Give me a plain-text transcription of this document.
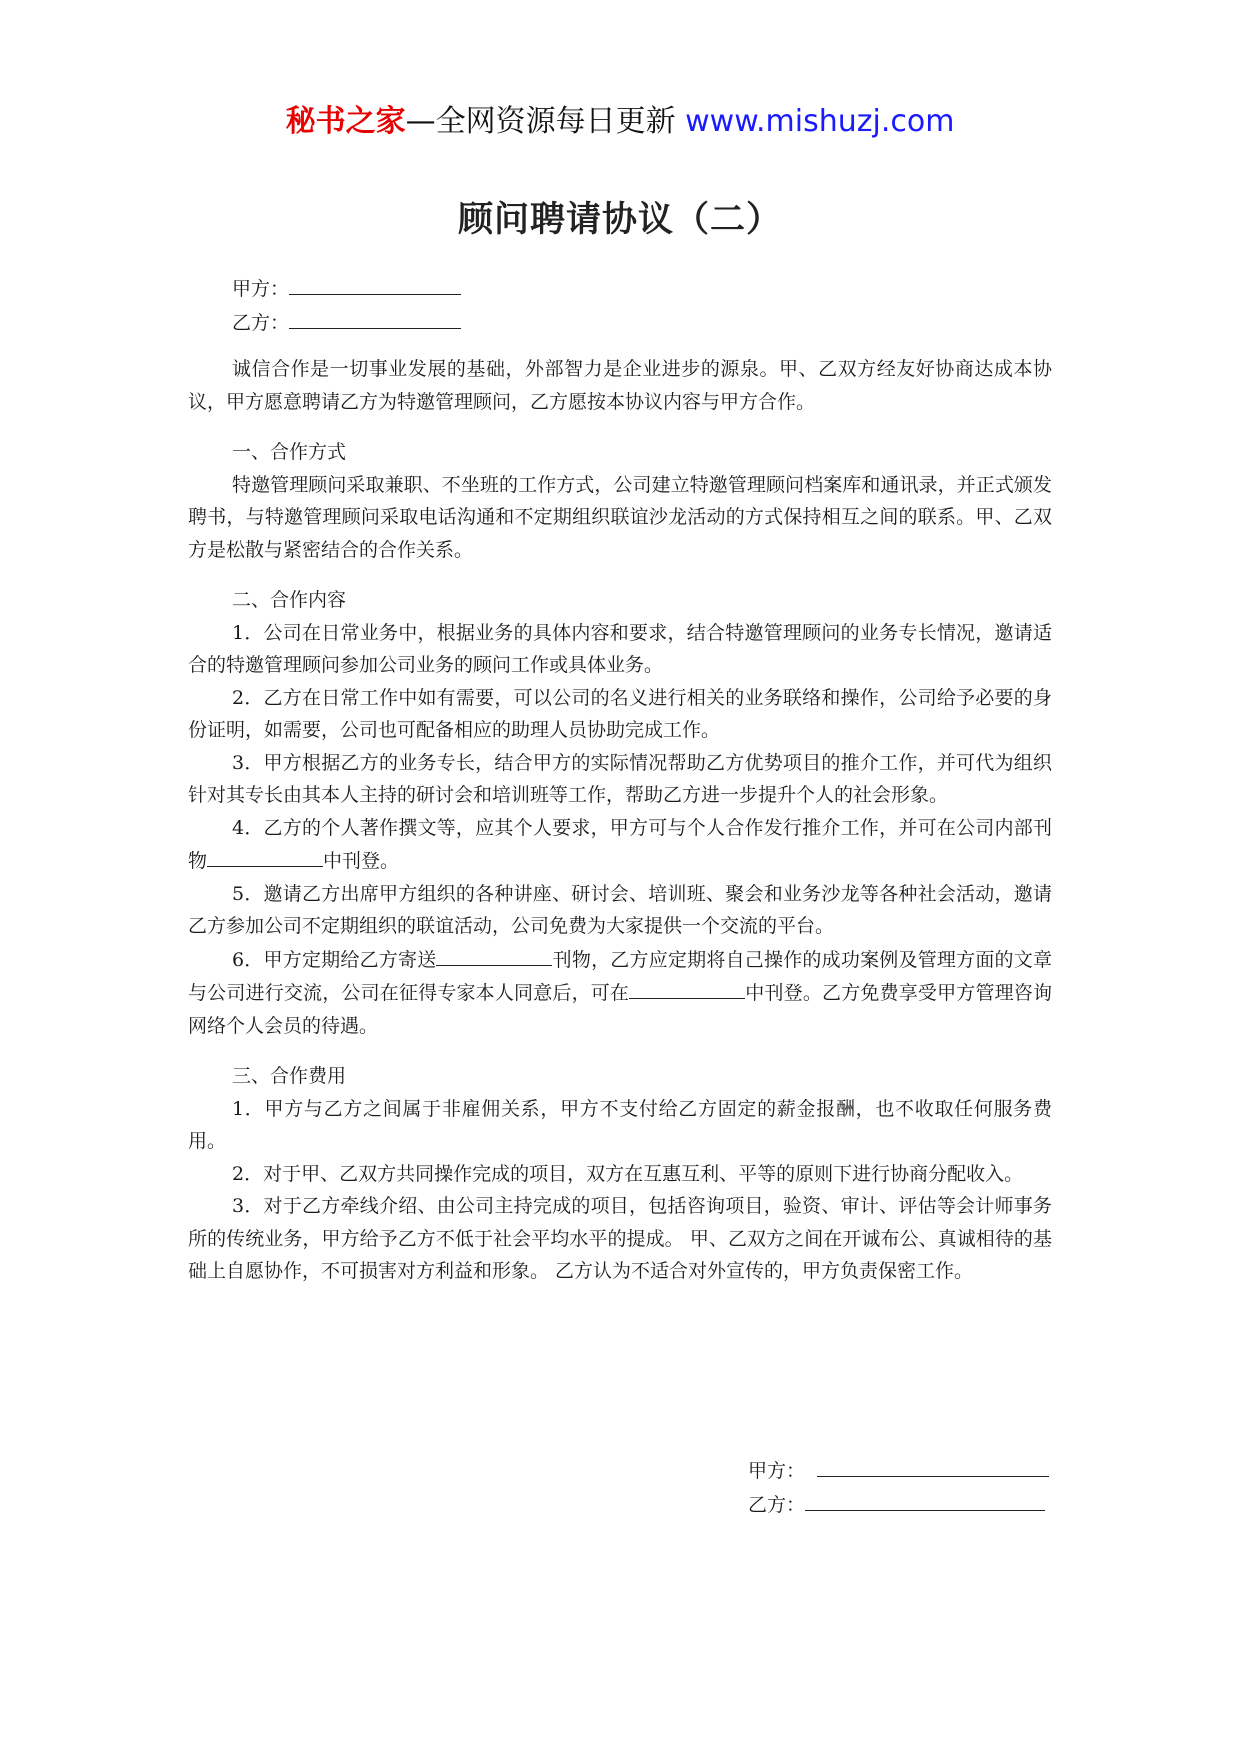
秘书之家—全网资源每日更新 www.mishuzj.com
顾问聘请协议（二）
甲方：
乙方：

诚信合作是一切事业发展的基础，外部智力是企业进步的源泉。甲、乙双方经友好协商达成本协议，甲方愿意聘请乙方为特邀管理顾问，乙方愿按本协议内容与甲方合作。

一、合作方式

特邀管理顾问采取兼职、不坐班的工作方式，公司建立特邀管理顾问档案库和通讯录，并正式颁发聘书，与特邀管理顾问采取电话沟通和不定期组织联谊沙龙活动的方式保持相互之间的联系。甲、乙双方是松散与紧密结合的合作关系。

二、合作内容

1．公司在日常业务中，根据业务的具体内容和要求，结合特邀管理顾问的业务专长情况，邀请适合的特邀管理顾问参加公司业务的顾问工作或具体业务。

2．乙方在日常工作中如有需要，可以公司的名义进行相关的业务联络和操作，公司给予必要的身份证明，如需要，公司也可配备相应的助理人员协助完成工作。

3．甲方根据乙方的业务专长，结合甲方的实际情况帮助乙方优势项目的推介工作，并可代为组织针对其专长由其本人主持的研讨会和培训班等工作，帮助乙方进一步提升个人的社会形象。

4．乙方的个人著作撰文等，应其个人要求，甲方可与个人合作发行推介工作，并可在公司内部刊物	中刊登。

5．邀请乙方出席甲方组织的各种讲座、研讨会、培训班、聚会和业务沙龙等各种社会活动，邀请乙方参加公司不定期组织的联谊活动，公司免费为大家提供一个交流的平台。

6．甲方定期给乙方寄送	刊物，乙方应定期将自己操作的成功案例及管理方面的文章与公司进行交流，公司在征得专家本人同意后，可在	中刊登。乙方免费享受甲方管理咨询网络个人会员的待遇。

三、合作费用

1．甲方与乙方之间属于非雇佣关系，甲方不支付给乙方固定的薪金报酬，也不收取任何服务费用。

2．对于甲、乙双方共同操作完成的项目，双方在互惠互利、平等的原则下进行协商分配收入。

3．对于乙方牵线介绍、由公司主持完成的项目，包括咨询项目，验资、审计、评估等会计师事务所的传统业务，甲方给予乙方不低于社会平均水平的提成。 甲、乙双方之间在开诚布公、真诚相待的基础上自愿协作，不可损害对方利益和形象。 乙方认为不适合对外宣传的，甲方负责保密工作。

甲方：
乙方：
